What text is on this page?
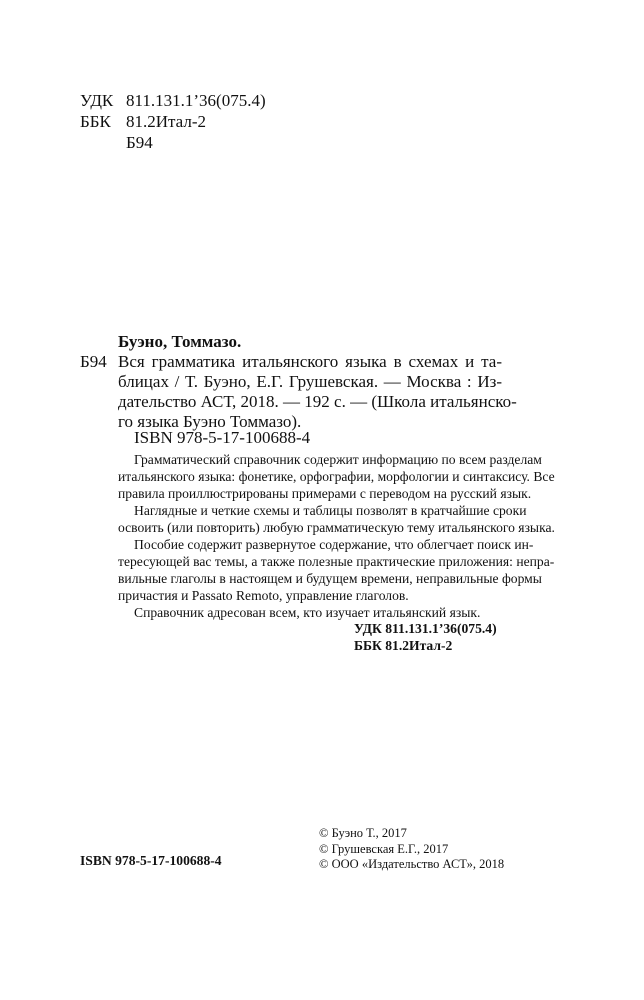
УДК 811.131.1’36(075.4)
ББК 81.2Итал-2
Б94
Буэно, Томмазо.
Б94 Вся грамматика итальянского языка в схемах и та-
блицах / Т. Буэно, Е.Г. Грушевская. — Москва : Из-
дательство АСТ, 2018. — 192 с. — (Школа итальянско-
го языка Буэно Томмазо).
ISBN 978-5-17-100688-4
Грамматический справочник содержит информацию по всем разделам
итальянского языка: фонетике, орфографии, морфологии и синтаксису. Все
правила проиллюстрированы примерами с переводом на русский язык.
Наглядные и четкие схемы и таблицы позволят в кратчайшие сроки
освоить (или повторить) любую грамматическую тему итальянского языка.
Пособие содержит развернутое содержание, что облегчает поиск ин-
тересующей вас темы, а также полезные практические приложения: непра-
вильные глаголы в настоящем и будущем времени, неправильные формы
причастия и Passato Remoto, управление глаголов.
Справочник адресован всем, кто изучает итальянский язык.
УДК 811.131.1’36(075.4)
ББК 81.2Итал-2
ISBN 978-5-17-100688-4
© Буэно Т., 2017
© Грушевская Е.Г., 2017
© ООО «Издательство АСТ», 2018
